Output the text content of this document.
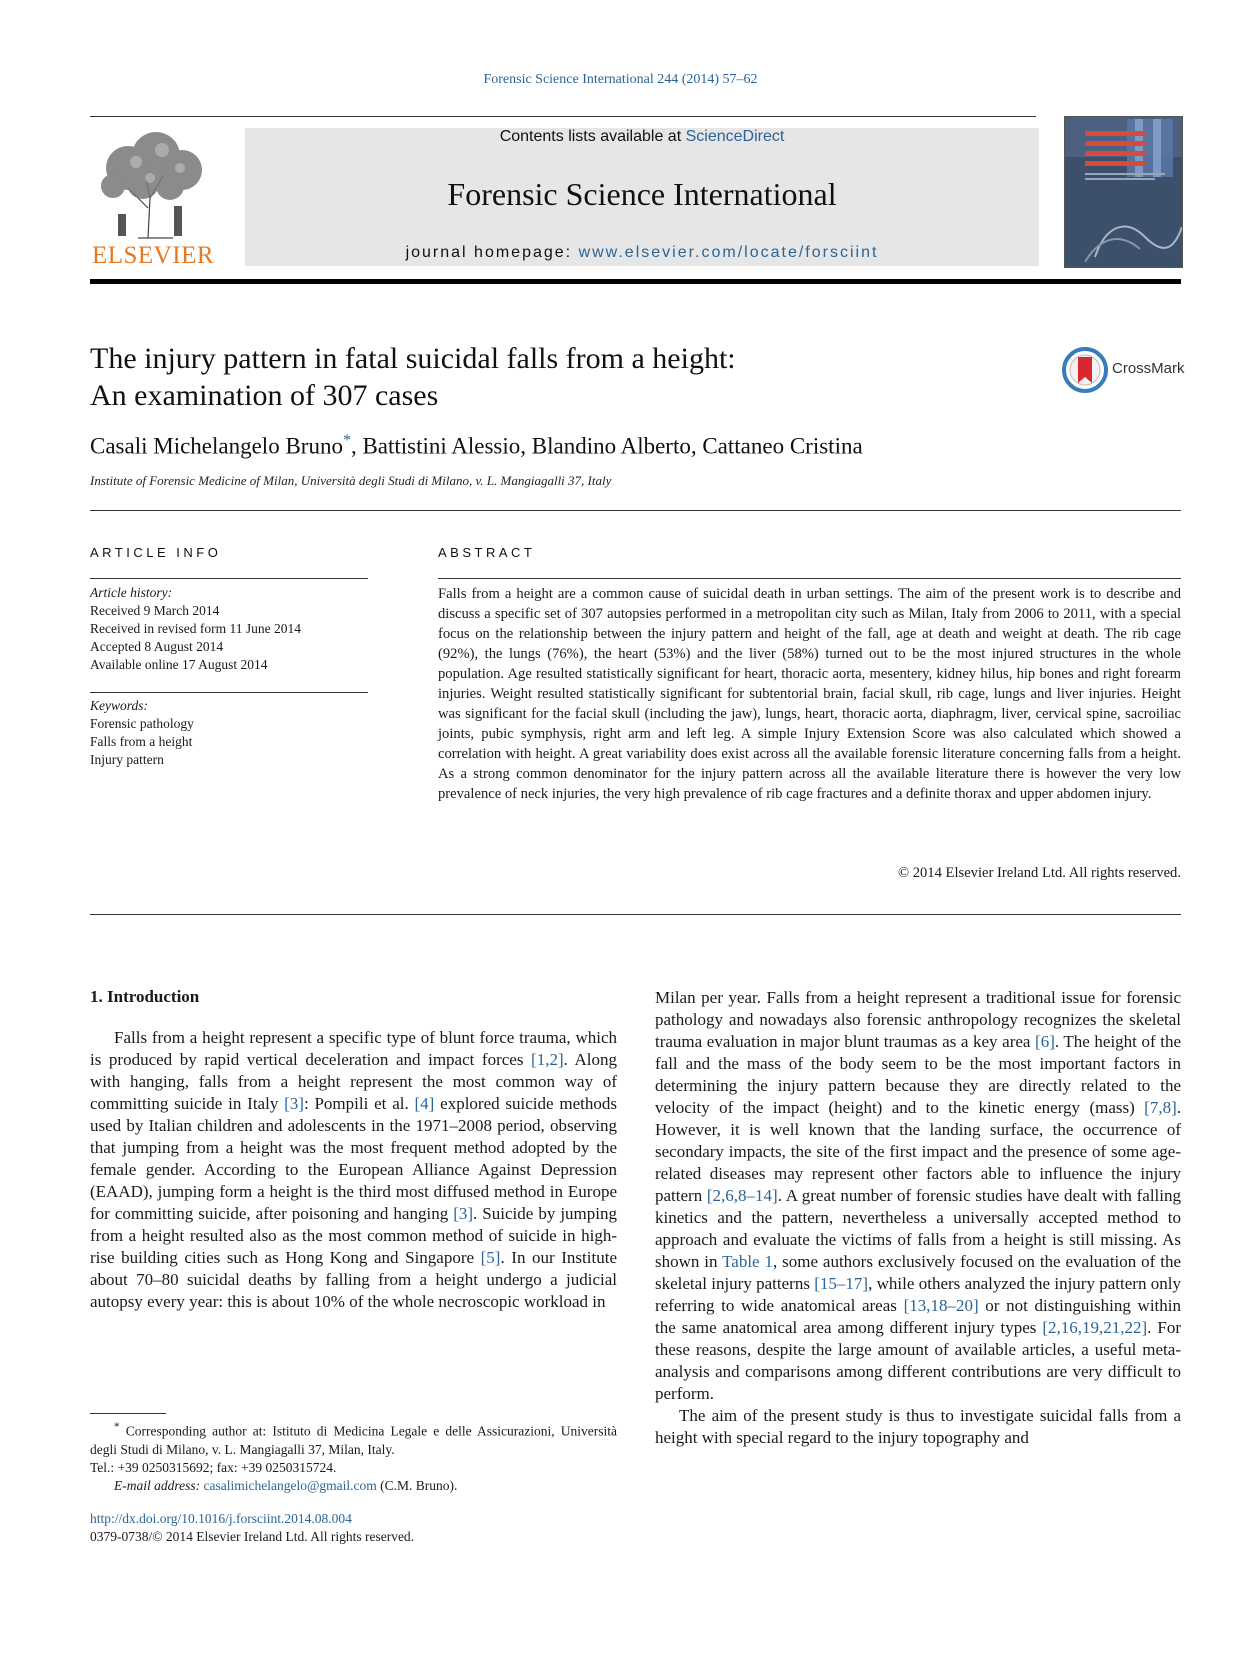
Forensic Science International 244 (2014) 57–62
ELSEVIER
Contents lists available at ScienceDirect
Forensic Science International
journal homepage: www.elsevier.com/locate/forsciint
The injury pattern in fatal suicidal falls from a height:
An examination of 307 cases
CrossMark
Casali Michelangelo Bruno*, Battistini Alessio, Blandino Alberto, Cattaneo Cristina
Institute of Forensic Medicine of Milan, Università degli Studi di Milano, v. L. Mangiagalli 37, Italy
ARTICLE INFO	ABSTRACT
Article history:
Received 9 March 2014
Received in revised form 11 June 2014
Accepted 8 August 2014
Available online 17 August 2014
Keywords:
Forensic pathology
Falls from a height
Injury pattern
Falls from a height are a common cause of suicidal death in urban settings. The aim of the present work is to describe and discuss a specific set of 307 autopsies performed in a metropolitan city such as Milan, Italy from 2006 to 2011, with a special focus on the relationship between the injury pattern and height of the fall, age at death and weight at death. The rib cage (92%), the lungs (76%), the heart (53%) and the liver (58%) turned out to be the most injured structures in the whole population. Age resulted statistically significant for heart, thoracic aorta, mesentery, kidney hilus, hip bones and right forearm injuries. Weight resulted statistically significant for subtentorial brain, facial skull, rib cage, lungs and liver injuries. Height was significant for the facial skull (including the jaw), lungs, heart, thoracic aorta, diaphragm, liver, cervical spine, sacroiliac joints, pubic symphysis, right arm and left leg. A simple Injury Extension Score was also calculated which showed a correlation with height. A great variability does exist across all the available forensic literature concerning falls from a height. As a strong common denominator for the injury pattern across all the available literature there is however the very low prevalence of neck injuries, the very high prevalence of rib cage fractures and a definite thorax and upper abdomen injury.
© 2014 Elsevier Ireland Ltd. All rights reserved.
1. Introduction

Falls from a height represent a specific type of blunt force trauma, which is produced by rapid vertical deceleration and impact forces [1,2]. Along with hanging, falls from a height represent the most common way of committing suicide in Italy [3]: Pompili et al. [4] explored suicide methods used by Italian children and adolescents in the 1971–2008 period, observing that jumping from a height was the most frequent method adopted by the female gender. According to the European Alliance Against Depression (EAAD), jumping form a height is the third most diffused method in Europe for committing suicide, after poisoning and hanging [3]. Suicide by jumping from a height resulted also as the most common method of suicide in high-rise building cities such as Hong Kong and Singapore [5]. In our Institute about 70–80 suicidal deaths by falling from a height undergo a judicial autopsy every year: this is about 10% of the whole necroscopic workload in

Milan per year. Falls from a height represent a traditional issue for forensic pathology and nowadays also forensic anthropology recognizes the skeletal trauma evaluation in major blunt traumas as a key area [6]. The height of the fall and the mass of the body seem to be the most important factors in determining the injury pattern because they are directly related to the velocity of the impact (height) and to the kinetic energy (mass) [7,8]. However, it is well known that the landing surface, the occurrence of secondary impacts, the site of the first impact and the presence of some age-related diseases may represent other factors able to influence the injury pattern [2,6,8–14]. A great number of forensic studies have dealt with falling kinetics and the pattern, nevertheless a universally accepted method to approach and evaluate the victims of falls from a height is still missing. As shown in Table 1, some authors exclusively focused on the evaluation of the skeletal injury patterns [15–17], while others analyzed the injury pattern only referring to wide anatomical areas [13,18–20] or not distinguishing within the same anatomical area among different injury types [2,16,19,21,22]. For these reasons, despite the large amount of available articles, a useful meta-analysis and comparisons among different contributions are very difficult to perform.

The aim of the present study is thus to investigate suicidal falls from a height with special regard to the injury topography and

* Corresponding author at: Istituto di Medicina Legale e delle Assicurazioni, Università degli Studi di Milano, v. L. Mangiagalli 37, Milan, Italy.
Tel.: +39 0250315692; fax: +39 0250315724.
E-mail address: casalimichelangelo@gmail.com (C.M. Bruno).
http://dx.doi.org/10.1016/j.forsciint.2014.08.004
0379-0738/© 2014 Elsevier Ireland Ltd. All rights reserved.
